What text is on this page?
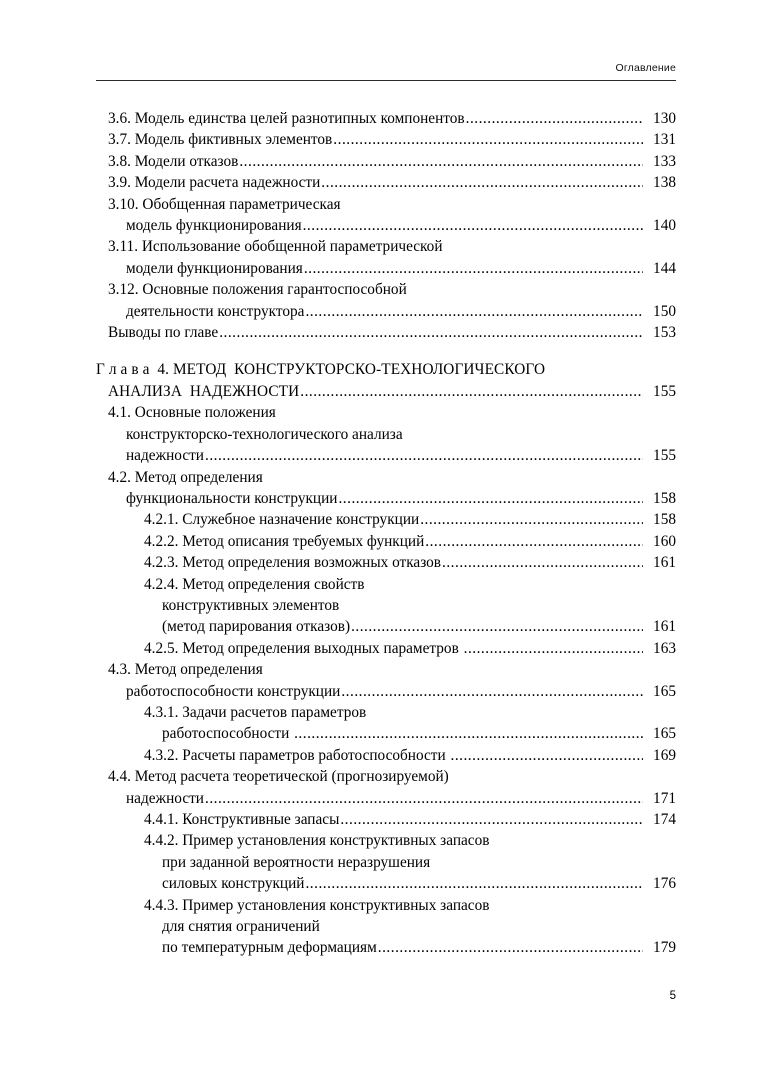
Оглавление
3.6. Модель единства целей разнотипных компонентов .....	130
3.7. Модель фиктивных элементов .....	131
3.8. Модели отказов .....	133
3.9. Модели расчета надежности .....	138
3.10. Обобщенная параметрическая
модель функционирования .....	140
3.11. Использование обобщенной параметрической
модели функционирования .....	144
3.12. Основные положения гарантоспособной
деятельности конструктора .....	150
Выводы по главе .....	153
Г л а в а  4.
МЕТОД  КОНСТРУКТОРСКО-ТЕХНОЛОГИЧЕСКОГО
АНАЛИЗА  НАДЕЖНОСТИ .....	155
4.1. Основные положения
конструкторско-технологического анализа
надежности .....	155
4.2. Метод определения
функциональности конструкции .....	158
4.2.1. Служебное назначение конструкции .....	158
4.2.2. Метод описания требуемых функций .....	160
4.2.3. Метод определения возможных отказов .....	161
4.2.4. Метод определения свойств
конструктивных элементов
(метод парирования отказов) .....	161
4.2.5. Метод определения выходных параметров .....	163
4.3. Метод определения
работоспособности конструкции .....	165
4.3.1. Задачи расчетов параметров
работоспособности .....	165
4.3.2. Расчеты параметров работоспособности .....	169
4.4. Метод расчета теоретической (прогнозируемой)
надежности .....	171
4.4.1. Конструктивные запасы .....	174
4.4.2. Пример установления конструктивных запасов
при заданной вероятности неразрушения
силовых конструкций .....	176
4.4.3. Пример установления конструктивных запасов
для снятия ограничений
по температурным деформациям .....	179
5
